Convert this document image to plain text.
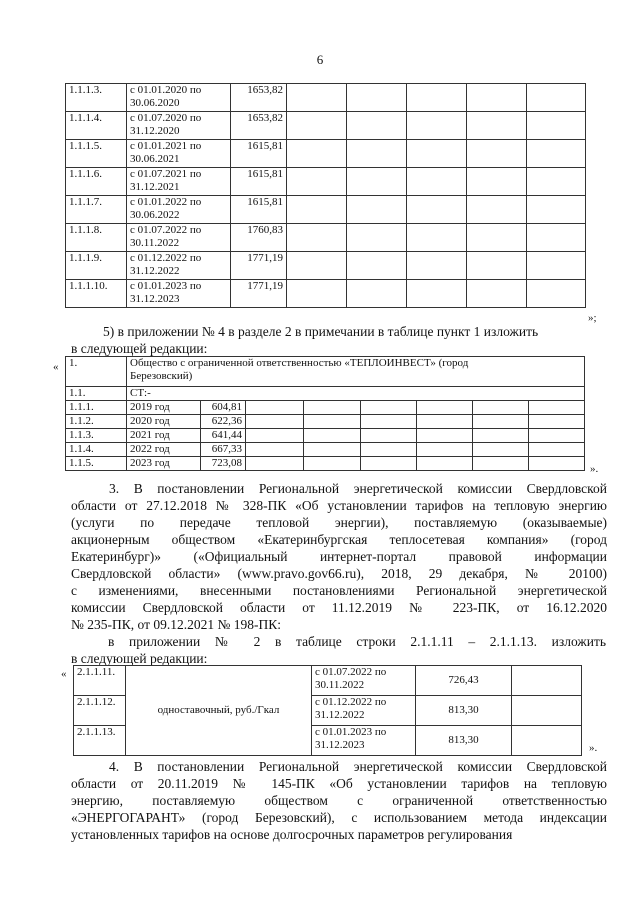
6
1.1.1.3.	с 01.01.2020 по
30.06.2020	1653,82					
1.1.1.4.	с 01.07.2020 по
31.12.2020	1653,82					
1.1.1.5.	с 01.01.2021 по
30.06.2021	1615,81					
1.1.1.6.	с 01.07.2021 по
31.12.2021	1615,81					
1.1.1.7.	с 01.01.2022 по
30.06.2022	1615,81					
1.1.1.8.	с 01.07.2022 по
30.11.2022	1760,83					
1.1.1.9.	с 01.12.2022 по
31.12.2022	1771,19					
1.1.1.10.	с 01.01.2023 по
31.12.2023	1771,19					
»;
5) в приложении № 4 в разделе 2 в примечании в таблице пункт 1 изложить
в следующей редакции:
« 1.	Общество с ограниченной ответственностью «ТЕПЛОИНВЕСТ» (город
Березовский)							
1.1.	СТ:-							
1.1.1.	2019 год	604,81						
1.1.2.	2020 год	622,36						
1.1.3.	2021 год	641,44						
1.1.4.	2022 год	667,33						
1.1.5.	2023 год	723,08							».
3. В постановлении Региональной энергетической комиссии Свердловской
области от 27.12.2018 № 328-ПК «Об установлении тарифов на тепловую энергию
(услуги по передаче тепловой энергии), поставляемую (оказываемые)
акционерным обществом «Екатеринбургская теплосетевая компания» (город
Екатеринбург)» («Официальный интернет-портал правовой информации
Свердловской области» (www.pravo.gov66.ru), 2018, 29 декабря, № 20100)
с изменениями, внесенными постановлениями Региональной энергетической
комиссии Свердловской области от 11.12.2019 № 223-ПК, от 16.12.2020
№ 235-ПК, от 09.12.2021 № 198-ПК:
в приложении № 2 в таблице строки 2.1.1.11 – 2.1.1.13. изложить
в следующей редакции:
« 2.1.1.11.	одноставочный, руб./Гкал	с 01.07.2022 по
30.11.2022	726,43	
2.1.1.12.		с 01.12.2022 по
31.12.2022	813,30	
2.1.1.13.		с 01.01.2023 по
31.12.2023	813,30	
».
4. В постановлении Региональной энергетической комиссии Свердловской
области от 20.11.2019 № 145-ПК «Об установлении тарифов на тепловую
энергию, поставляемую обществом с ограниченной ответственностью
«ЭНЕРГОГАРАНТ» (город Березовский), с использованием метода индексации
установленных тарифов на основе долгосрочных параметров регулирования
